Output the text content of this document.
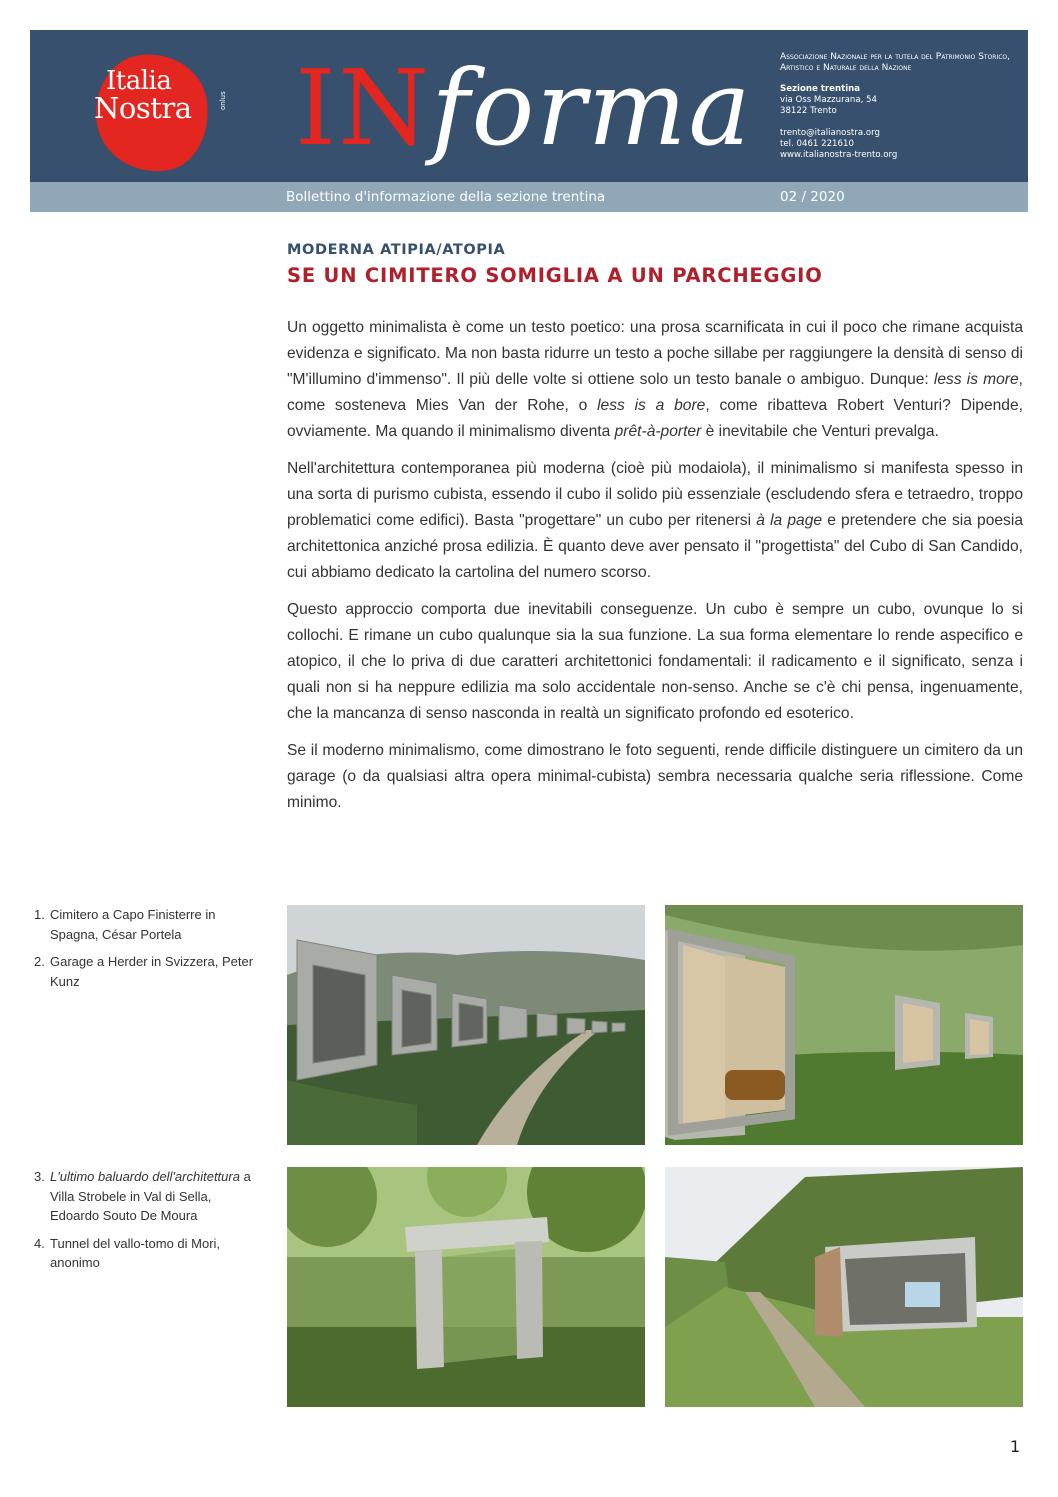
Italia
Nostra	onlus INforma	Associazione Nazionale per la tutela del Patrimonio Storico, Artistico e Naturale della Nazione
Sezione trentina
via Oss Mazzurana, 54
38122 Trento
trento@italianostra.org
tel. 0461 221610
www.italianostra-trento.org
Bollettino d'informazione della sezione trentina	02 / 2020
MODERNA ATIPIA/ATOPIA
SE UN CIMITERO SOMIGLIA A UN PARCHEGGIO

Un oggetto minimalista è come un testo poetico: una prosa scarnificata in cui il poco che rimane acquista evidenza e significato. Ma non basta ridurre un testo a poche sillabe per raggiungere la densità di senso di "M'illumino d'immenso". Il più delle volte si ottiene solo un testo banale o ambiguo. Dunque: less is more, come sosteneva Mies Van der Rohe, o less is a bore, come ribatteva Robert Venturi? Dipende, ovviamente. Ma quando il minimalismo diventa prêt-à-porter è inevitabile che Venturi prevalga.

Nell'architettura contemporanea più moderna (cioè più modaiola), il minimalismo si manifesta spesso in una sorta di purismo cubista, essendo il cubo il solido più essenziale (escludendo sfera e tetraedro, troppo problematici come edifici). Basta "progettare" un cubo per ritenersi à la page e pretendere che sia poesia architettonica anziché prosa edilizia. È quanto deve aver pensato il "progettista" del Cubo di San Candido, cui abbiamo dedicato la cartolina del numero scorso.

Questo approccio comporta due inevitabili conseguenze. Un cubo è sempre un cubo, ovunque lo si collochi. E rimane un cubo qualunque sia la sua funzione. La sua forma elementare lo rende aspecifico e atopico, il che lo priva di due caratteri architettonici fondamentali: il radicamento e il significato, senza i quali non si ha neppure edilizia ma solo accidentale non-senso. Anche se c'è chi pensa, ingenuamente, che la mancanza di senso nasconda in realtà un significato profondo ed esoterico.

Se il moderno minimalismo, come dimostrano le foto seguenti, rende difficile distinguere un cimitero da un garage (o da qualsiasi altra opera minimal-cubista) sembra necessaria qualche seria riflessione. Come minimo.

1. Cimitero a Capo Finisterre in Spagna, César Portela
2. Garage a Herder in Svizzera, Peter Kunz
3. L'ultimo baluardo dell'architettura a Villa Strobele in Val di Sella, Edoardo Souto De Moura
4. Tunnel del vallo-tomo di Mori, anonimo
1
